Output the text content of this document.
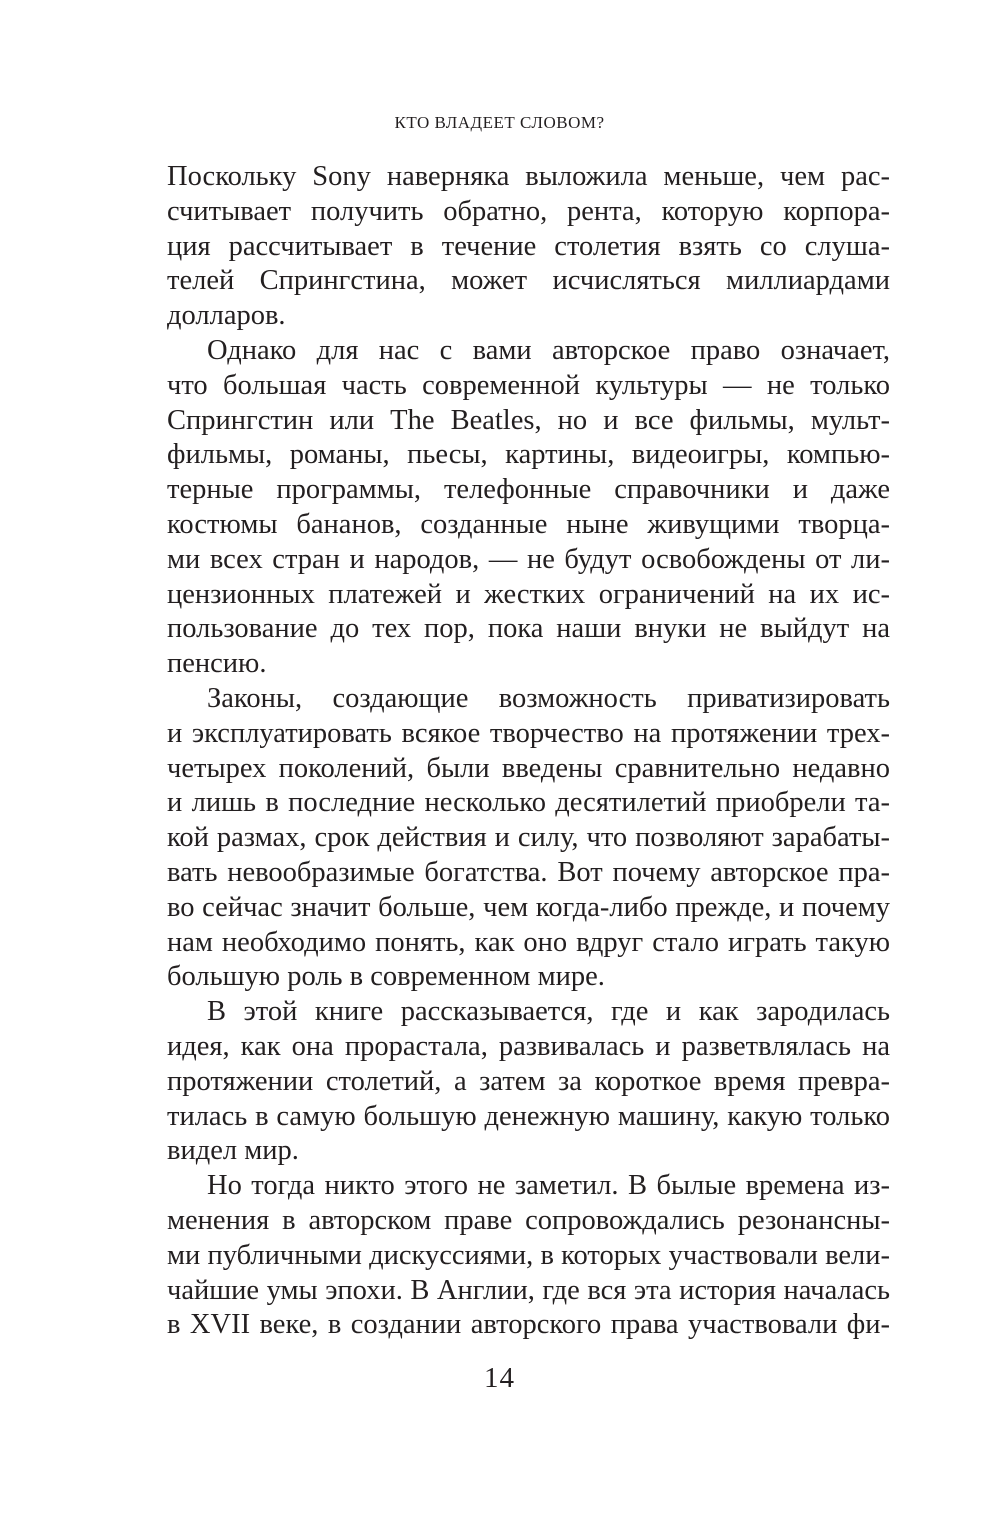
КТО ВЛАДЕЕТ СЛОВОМ?
Поскольку Sony наверняка выложила меньше, чем рас-
считывает получить обратно, рента, которую корпора-
ция рассчитывает в течение столетия взять со слуша-
телей Спрингстина, может исчисляться миллиардами
долларов.
Однако для нас с вами авторское право означает,
что большая часть современной культуры — не только
Спрингстин или The Beatles, но и все фильмы, мульт-
фильмы, романы, пьесы, картины, видеоигры, компью-
терные программы, телефонные справочники и даже
костюмы бананов, созданные ныне живущими творца-
ми всех стран и народов, — не будут освобождены от ли-
цензионных платежей и жестких ограничений на их ис-
пользование до тех пор, пока наши внуки не выйдут на
пенсию.
Законы, создающие возможность приватизировать
и эксплуатировать всякое творчество на протяжении трех-
четырех поколений, были введены сравнительно недавно
и лишь в последние несколько десятилетий приобрели та-
кой размах, срок действия и силу, что позволяют зарабаты-
вать невообразимые богатства. Вот почему авторское пра-
во сейчас значит больше, чем когда-либо прежде, и почему
нам необходимо понять, как оно вдруг стало играть такую
большую роль в современном мире.
В этой книге рассказывается, где и как зародилась
идея, как она прорастала, развивалась и разветвлялась на
протяжении столетий, а затем за короткое время превра-
тилась в самую большую денежную машину, какую только
видел мир.
Но тогда никто этого не заметил. В былые времена из-
менения в авторском праве сопровождались резонансны-
ми публичными дискуссиями, в которых участвовали вели-
чайшие умы эпохи. В Англии, где вся эта история началась
в XVII веке, в создании авторского права участвовали фи-
14
